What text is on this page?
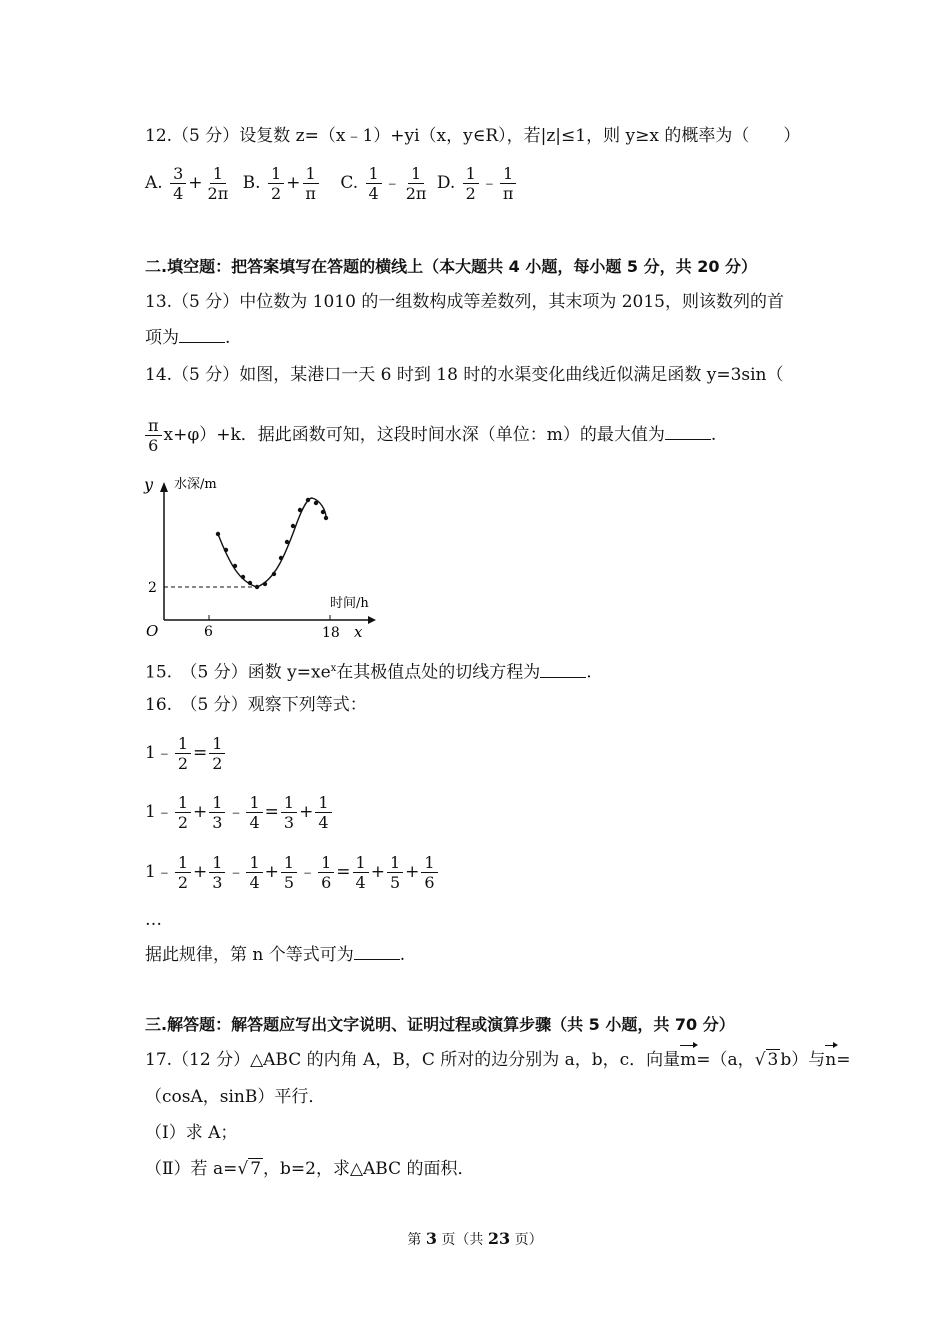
12.（5 分）设复数 z=（x﹣1）+yi（x，y∈R），若|z|≤1，则 y≥x 的概率为（　　）
A. $\frac{3}{4} + \frac{1}{2\pi} B$. $\frac{1}{2} + \frac{1}{\pi} C$. $\frac{1}{4}$ ﹣ $\frac{1}{2\pi} D$. $\frac{1}{2}$ ﹣ $\frac{1}{\pi}$
二.填空题：把答案填写在答题的横线上（本大题共 4 小题，每小题 5 分，共 20 分）
13.（5 分）中位数为 1010 的一组数构成等差数列，其末项为 2015，则该数列的首
项为	.
14.（5 分）如图，某港口一天 6 时到 18 时的水渠变化曲线近似满足函数 y=3sin（
$\frac{\pi}{6} x+\varphi)+k$．据此函数可知，这段时间水深（单位：m）的最大值为	.
y 水深/m
时间/h
O
2
6	18 x
15.　（5 分）函数 $y=xe^x$在其极值点处的切线方程为	.
16.　（5 分）观察下列等式：
1﹣ $\frac{1}{2} = \frac{1}{2}$
1﹣ $\frac{1}{2} + \frac{1}{3}$ ﹣ $\frac{1}{4} = \frac{1}{3} + \frac{1}{4}$
1﹣ $\frac{1}{2} + \frac{1}{3}$ ﹣ $\frac{1}{4} + \frac{1}{5}$ ﹣ $\frac{1}{6} = \frac{1}{4} + \frac{1}{5} + \frac{1}{6}$
…
据此规律，第 n 个等式可为	.
三.解答题：解答题应写出文字说明、证明过程或演算步骤（共 5 小题，共 70 分）
17.（12 分）△ABC 的内角 A，B，C 所对的边分别为 a，b，c．向量m=（a，√ 3 b）与n=
（cosA，sinB）平行．
（Ⅰ）求 A；
（Ⅱ）若 a=√ 7 ，b=2，求△ABC 的面积．
第 3 页（共 23 页）
